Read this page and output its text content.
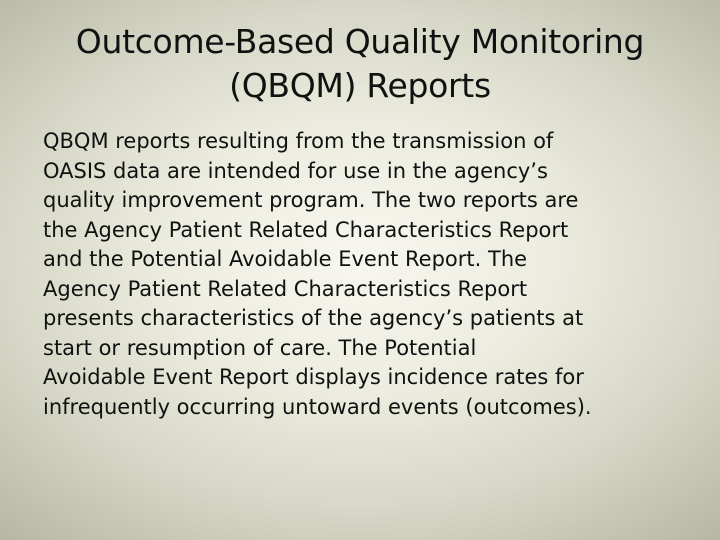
Outcome-Based Quality Monitoring
(QBQM) Reports
QBQM reports resulting from the transmission of
OASIS data are intended for use in the agency’s
quality improvement program. The two reports are
the Agency Patient Related Characteristics Report
and the Potential Avoidable Event Report. The
Agency Patient Related Characteristics Report
presents characteristics of the agency’s patients at
start or resumption of care. The Potential
Avoidable Event Report displays incidence rates for
infrequently occurring untoward events (outcomes).
